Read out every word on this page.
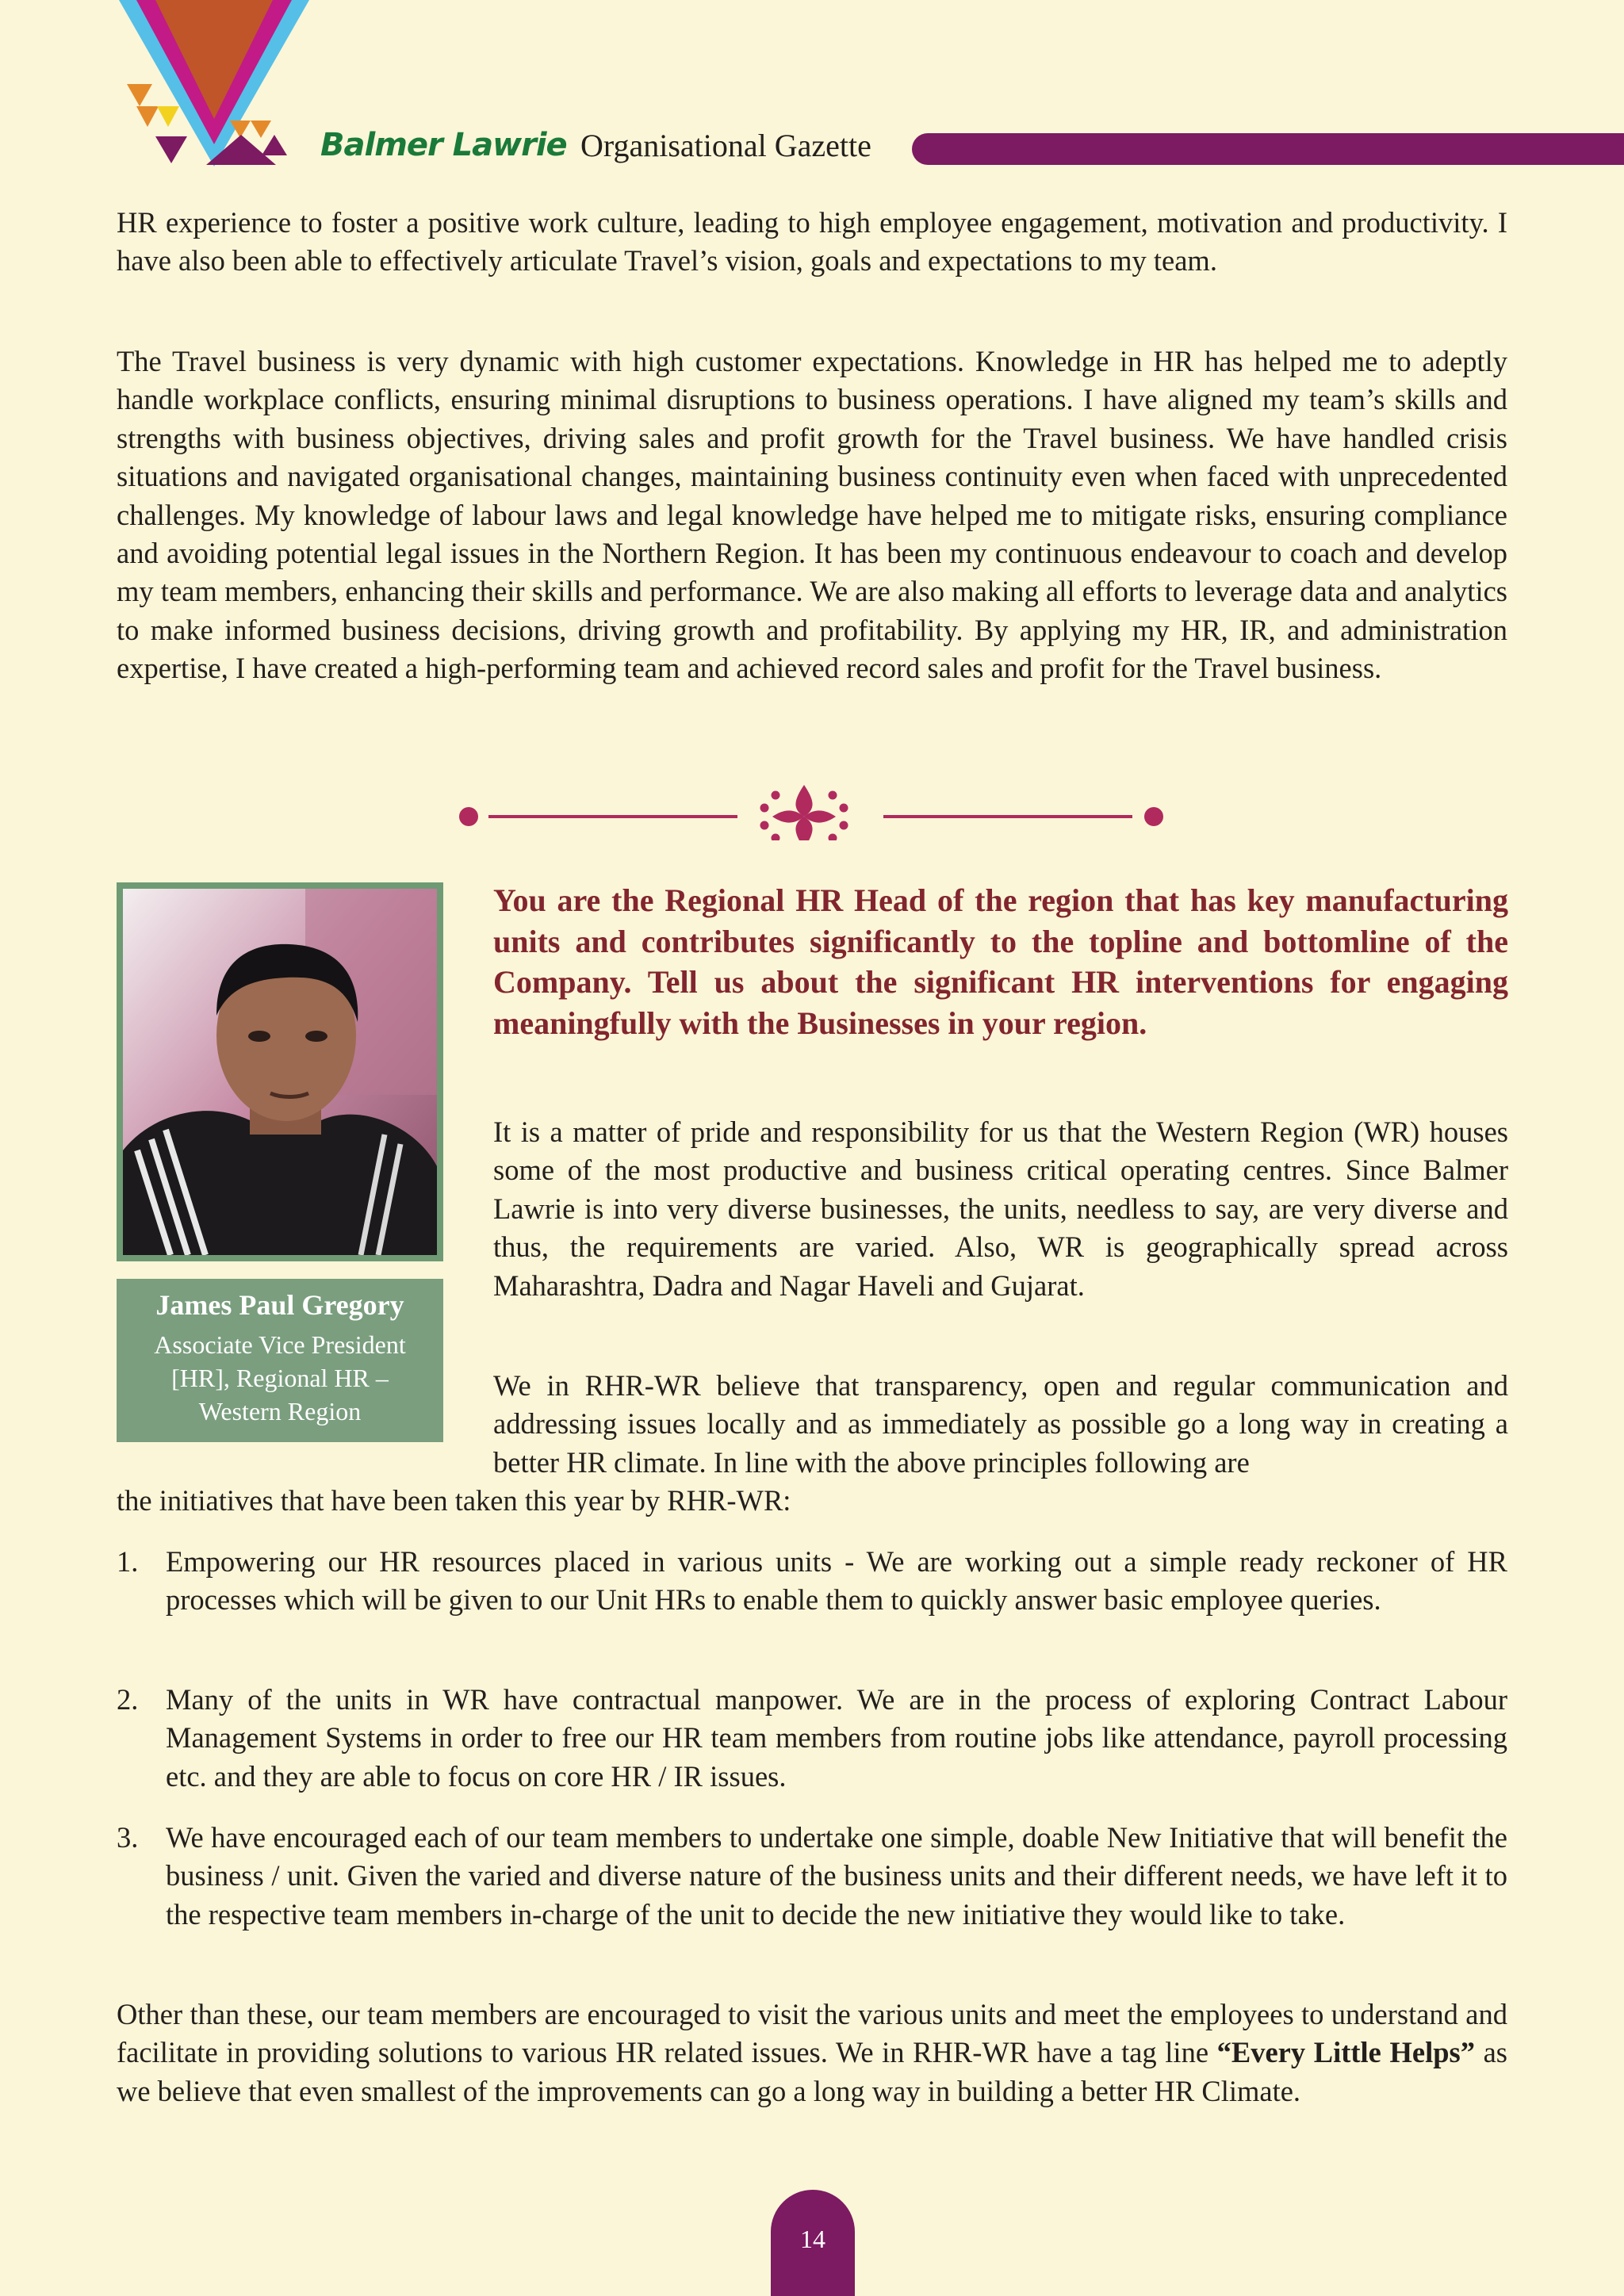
Balmer Lawrie Organisational Gazette

HR experience to foster a positive work culture, leading to high employee engagement, motivation and productivity. I have also been able to effectively articulate Travel’s vision, goals and expectations to my team.

The Travel business is very dynamic with high customer expectations. Knowledge in HR has helped me to adeptly handle workplace conflicts, ensuring minimal disruptions to business operations. I have aligned my team’s skills and strengths with business objectives, driving sales and profit growth for the Travel business. We have handled crisis situations and navigated organisational changes, maintaining business continuity even when faced with unprecedented challenges. My knowledge of labour laws and legal knowledge have helped me to mitigate risks, ensuring compliance and avoiding potential legal issues in the Northern Region. It has been my continuous endeavour to coach and develop my team members, enhancing their skills and performance. We are also making all efforts to leverage data and analytics to make informed business decisions, driving growth and profitability. By applying my HR, IR, and administration expertise, I have created a high-performing team and achieved record sales and profit for the Travel business.

James Paul Gregory
Associate Vice President
[HR], Regional HR –
Western Region

You are the Regional HR Head of the region that has key manufacturing units and contributes significantly to the topline and bottomline of the Company. Tell us about the significant HR interventions for engaging meaningfully with the Businesses in your region.

It is a matter of pride and responsibility for us that the Western Region (WR) houses some of the most productive and business critical operating centres. Since Balmer Lawrie is into very diverse businesses, the units, needless to say, are very diverse and thus, the requirements are varied. Also, WR is geographically spread across Maharashtra, Dadra and Nagar Haveli and Gujarat.

We in RHR-WR believe that transparency, open and regular communication and addressing issues locally and as immediately as possible go a long way in creating a better HR climate. In line with the above principles following are

the initiatives that have been taken this year by RHR-WR:

1. Empowering our HR resources placed in various units - We are working out a simple ready reckoner of HR processes which will be given to our Unit HRs to enable them to quickly answer basic employee queries.

2. Many of the units in WR have contractual manpower. We are in the process of exploring Contract Labour Management Systems in order to free our HR team members from routine jobs like attendance, payroll processing etc. and they are able to focus on core HR / IR issues.

3. We have encouraged each of our team members to undertake one simple, doable New Initiative that will benefit the business / unit. Given the varied and diverse nature of the business units and their different needs, we have left it to the respective team members in-charge of the unit to decide the new initiative they would like to take.

Other than these, our team members are encouraged to visit the various units and meet the employees to understand and facilitate in providing solutions to various HR related issues. We in RHR-WR have a tag line “Every Little Helps” as we believe that even smallest of the improvements can go a long way in building a better HR Climate.

14
